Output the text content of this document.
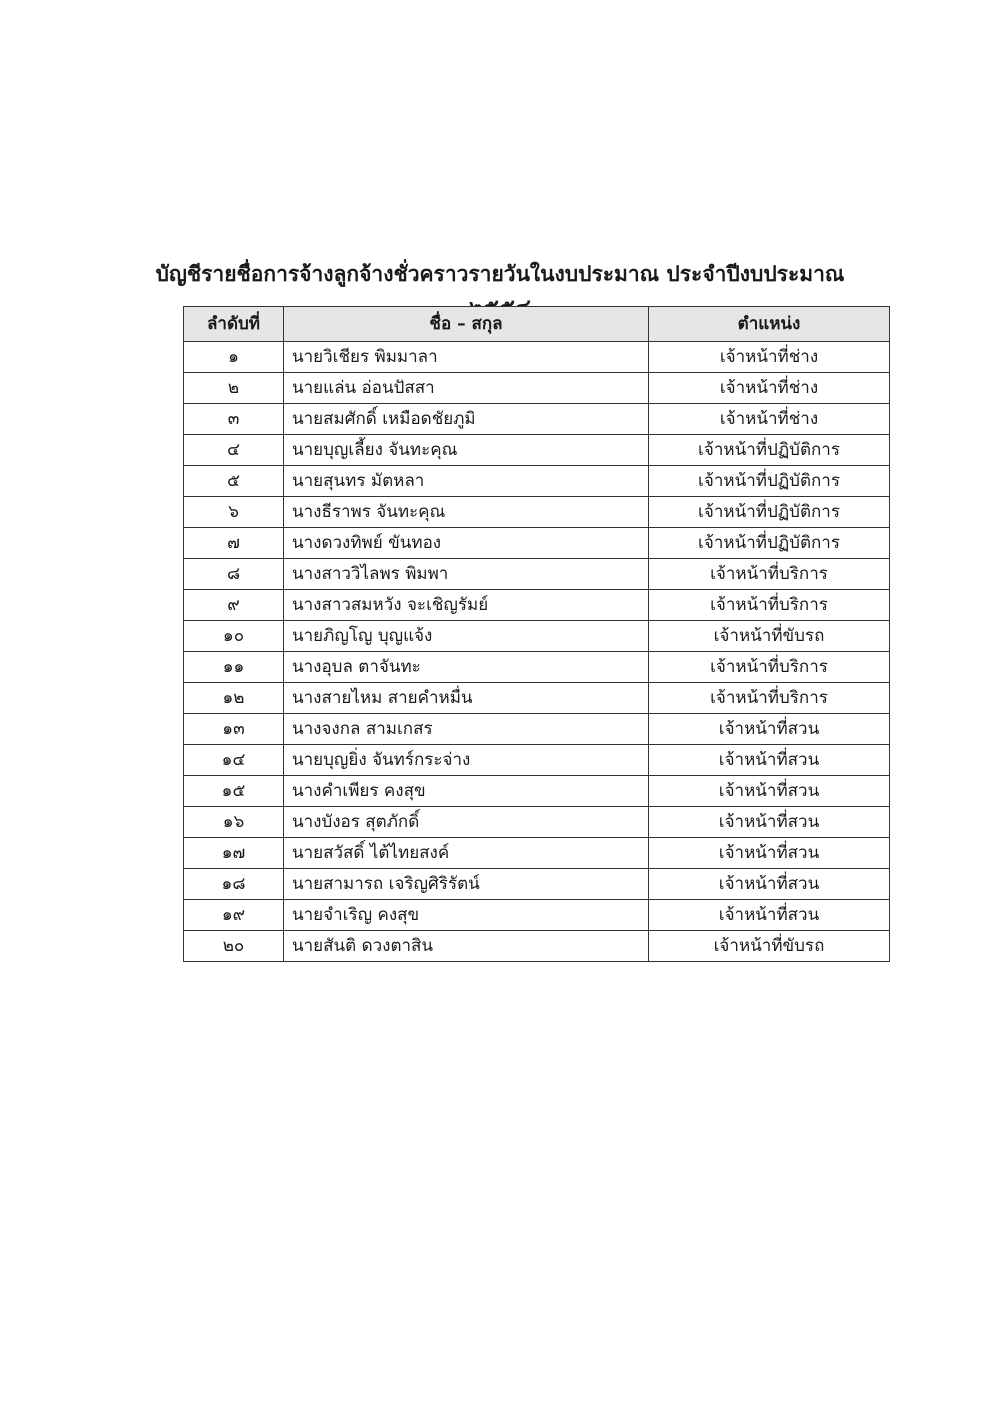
บัญชีรายชื่อการจ้างลูกจ้างชั่วคราวรายวันในงบประมาณ ประจำปีงบประมาณ
ลำดับที่	ชื่อ – สกุล	ตำแหน่ง
๑	นายวิเชียร พิมมาลา	เจ้าหน้าที่ช่าง
๒	นายแล่น อ่อนปัสสา	เจ้าหน้าที่ช่าง
๓	นายสมศักดิ์ เหมือดชัยภูมิ	เจ้าหน้าที่ช่าง
๔	นายบุญเลี้ยง จันทะคุณ	เจ้าหน้าที่ปฏิบัติการ
๕	นายสุนทร มัตหลา	เจ้าหน้าที่ปฏิบัติการ
๖	นางธีราพร จันทะคุณ	เจ้าหน้าที่ปฏิบัติการ
๗	นางดวงทิพย์ ขันทอง	เจ้าหน้าที่ปฏิบัติการ
๘	นางสาววิไลพร พิมพา	เจ้าหน้าที่บริการ
๙	นางสาวสมหวัง จะเชิญรัมย์	เจ้าหน้าที่บริการ
๑๐	นายภิญโญ บุญแจ้ง	เจ้าหน้าที่ขับรถ
๑๑	นางอุบล ตาจันทะ	เจ้าหน้าที่บริการ
๑๒	นางสายไหม สายคำหมื่น	เจ้าหน้าที่บริการ
๑๓	นางจงกล สามเกสร	เจ้าหน้าที่สวน
๑๔	นายบุญยิ่ง จันทร์กระจ่าง	เจ้าหน้าที่สวน
๑๕	นางคำเพียร คงสุข	เจ้าหน้าที่สวน
๑๖	นางบังอร สุตภักดิ์	เจ้าหน้าที่สวน
๑๗	นายสวัสดิ์ ไต้ไทยสงค์	เจ้าหน้าที่สวน
๑๘	นายสามารถ เจริญศิริรัตน์	เจ้าหน้าที่สวน
๑๙	นายจำเริญ คงสุข	เจ้าหน้าที่สวน
๒๐	นายสันติ ดวงตาสิน	เจ้าหน้าที่ขับรถ
